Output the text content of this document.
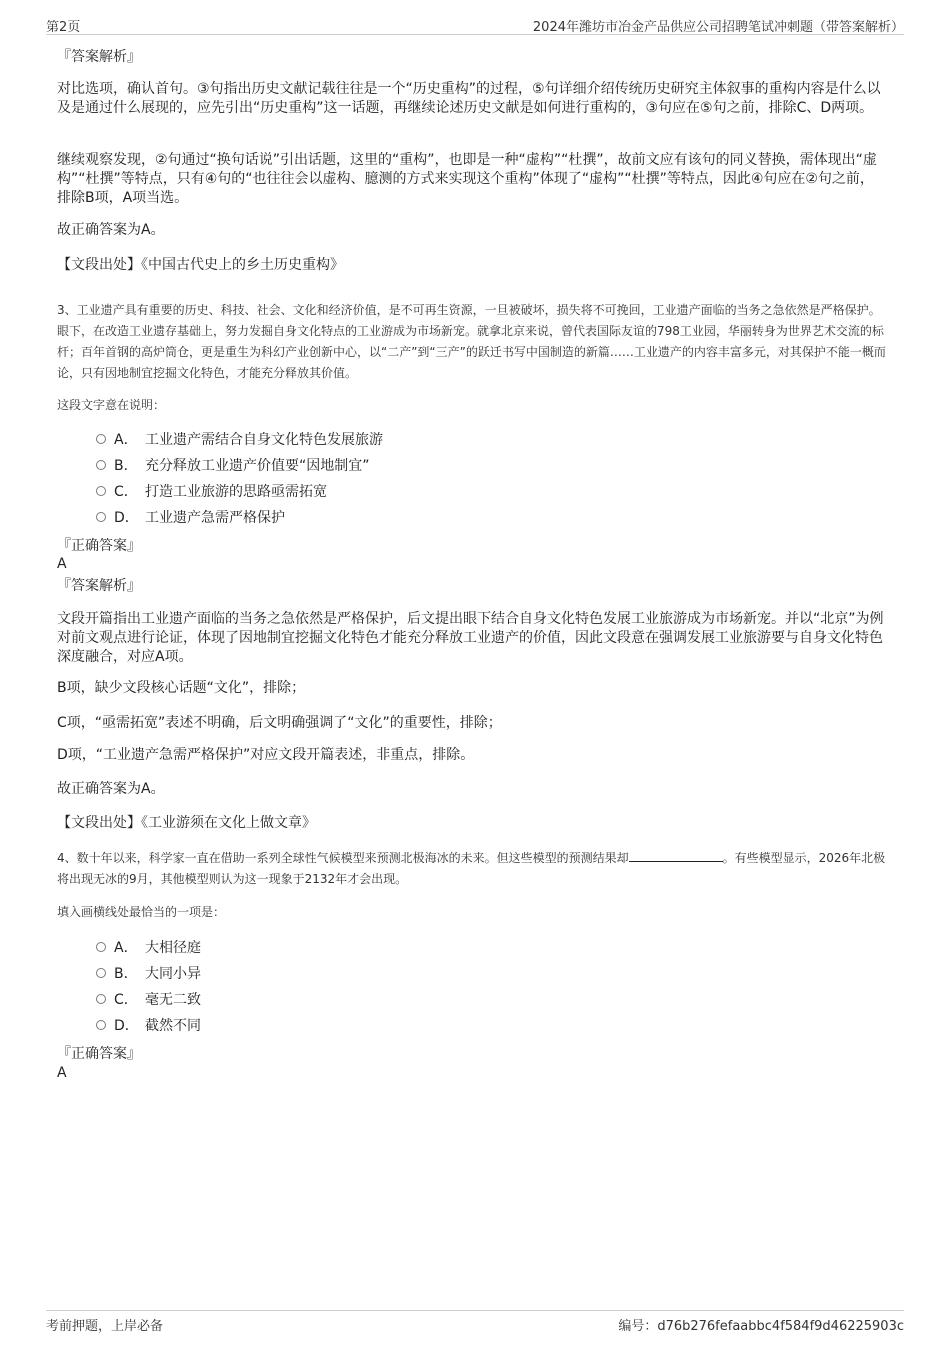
第2页	2024年潍坊市冶金产品供应公司招聘笔试冲刺题（带答案解析）
『答案解析』
对比选项，确认首句。③句指出历史文献记载往往是一个“历史重构”的过程，⑤句详细介绍传统历史研究主体叙事的重构内容是什么以及是通过什么展现的，应先引出“历史重构”这一话题，再继续论述历史文献是如何进行重构的，③句应在⑤句之前，排除C、D两项。
继续观察发现，②句通过“换句话说”引出话题，这里的“重构”，也即是一种“虚构”“杜撰”，故前文应有该句的同义替换，需体现出“虚构”“杜撰”等特点，只有④句的“也往往会以虚构、臆测的方式来实现这个重构”体现了“虚构”“杜撰”等特点，因此④句应在②句之前，排除B项，A项当选。
故正确答案为A。
【文段出处】《中国古代史上的乡土历史重构》
3、工业遗产具有重要的历史、科技、社会、文化和经济价值，是不可再生资源，一旦被破坏，损失将不可挽回，工业遗产面临的当务之急依然是严格保护。眼下，在改造工业遗存基础上，努力发掘自身文化特点的工业游成为市场新宠。就拿北京来说，曾代表国际友谊的798工业园，华丽转身为世界艺术交流的标杆；百年首钢的高炉筒仓，更是重生为科幻产业创新中心，以“二产”到“三产”的跃迁书写中国制造的新篇……工业遗产的内容丰富多元，对其保护不能一概而论，只有因地制宜挖掘文化特色，才能充分释放其价值。
这段文字意在说明：
A． 工业遗产需结合自身文化特色发展旅游
B． 充分释放工业遗产价值要“因地制宜”
C． 打造工业旅游的思路亟需拓宽
D． 工业遗产急需严格保护
『正确答案』
A
『答案解析』
文段开篇指出工业遗产面临的当务之急依然是严格保护，后文提出眼下结合自身文化特色发展工业旅游成为市场新宠。并以“北京”为例对前文观点进行论证，体现了因地制宜挖掘文化特色才能充分释放工业遗产的价值，因此文段意在强调发展工业旅游要与自身文化特色深度融合，对应A项。
B项，缺少文段核心话题“文化”，排除；
C项，“亟需拓宽”表述不明确，后文明确强调了“文化”的重要性，排除；
D项，“工业遗产急需严格保护”对应文段开篇表述，非重点，排除。
故正确答案为A。
【文段出处】《工业游须在文化上做文章》
4、数十年以来，科学家一直在借助一系列全球性气候模型来预测北极海冰的未来。但这些模型的预测结果却	。有些模型显示，2026年北极将出现无冰的9月，其他模型则认为这一现象于2132年才会出现。
填入画横线处最恰当的一项是：
A． 大相径庭
B． 大同小异
C． 毫无二致
D． 截然不同
『正确答案』
A
考前押题，上岸必备	编号：d76b276fefaabbc4f584f9d46225903c
